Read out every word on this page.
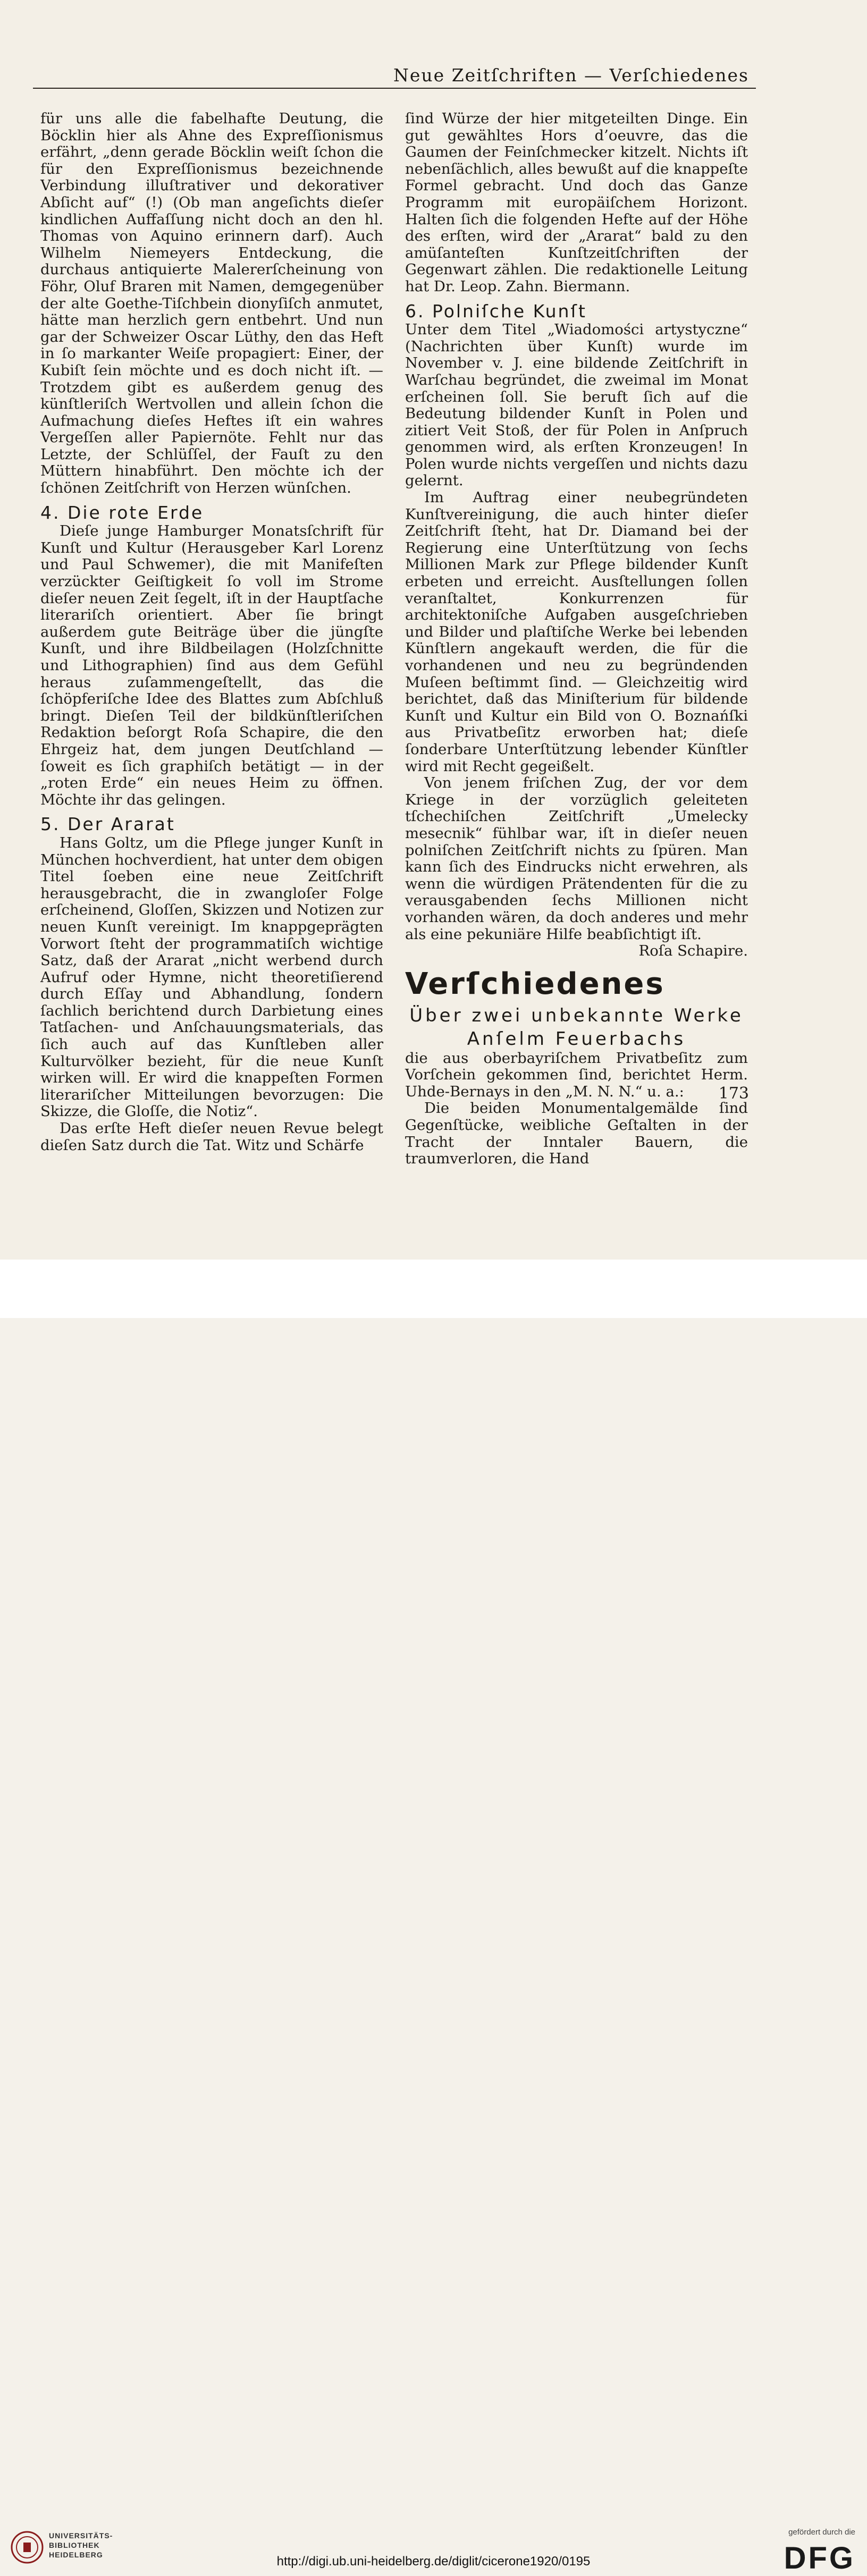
Neue Zeitſchriften — Verſchiedenes

für uns alle die fabelhafte Deutung, die Böcklin hier als Ahne des Expreſſionismus erfährt, „denn gerade Böcklin weiſt ſchon die für den Expreſſionismus bezeichnende Verbindung illuſtrativer und dekorativer Abſicht auf“ (!) (Ob man angeſichts dieſer kindlichen Auffaſſung nicht doch an den hl. Thomas von Aquino erinnern darf). Auch Wilhelm Niemeyers Entdeckung, die durchaus antiquierte Malererſcheinung von Föhr, Oluf Braren mit Namen, demgegenüber der alte Goethe-Tiſchbein dionyſiſch anmutet, hätte man herzlich gern entbehrt. Und nun gar der Schweizer Oscar Lüthy, den das Heft in ſo markanter Weiſe propagiert: Einer, der Kubiſt ſein möchte und es doch nicht iſt. — Trotzdem gibt es außerdem genug des künſtleriſch Wertvollen und allein ſchon die Aufmachung dieſes Heftes iſt ein wahres Vergeſſen aller Papiernöte. Fehlt nur das Letzte, der Schlüſſel, der Fauſt zu den Müttern hinabführt. Den möchte ich der ſchönen Zeitſchrift von Herzen wünſchen.

4. Die rote Erde

Dieſe junge Hamburger Monatsſchrift für Kunſt und Kultur (Herausgeber Karl Lorenz und Paul Schwemer), die mit Manifeſten verzückter Geiſtigkeit ſo voll im Strome dieſer neuen Zeit ſegelt, iſt in der Hauptſache literariſch orientiert. Aber ſie bringt außerdem gute Beiträge über die jüngſte Kunſt, und ihre Bildbeilagen (Holzſchnitte und Lithographien) ſind aus dem Gefühl heraus zuſammengeſtellt, das die ſchöpferiſche Idee des Blattes zum Abſchluß bringt. Dieſen Teil der bildkünſtleriſchen Redaktion beſorgt Roſa Schapire, die den Ehrgeiz hat, dem jungen Deutſchland — ſoweit es ſich graphiſch betätigt — in der „roten Erde“ ein neues Heim zu öffnen. Möchte ihr das gelingen.

5. Der Ararat

Hans Goltz, um die Pflege junger Kunſt in München hochverdient, hat unter dem obigen Titel ſoeben eine neue Zeitſchrift herausgebracht, die in zwangloſer Folge erſcheinend, Gloſſen, Skizzen und Notizen zur neuen Kunſt vereinigt. Im knappgeprägten Vorwort ſteht der programmatiſch wichtige Satz, daß der Ararat „nicht werbend durch Aufruf oder Hymne, nicht theoretiſierend durch Eſſay und Abhandlung, ſondern ſachlich berichtend durch Darbietung eines Tatſachen- und Anſchauungsmaterials, das ſich auch auf das Kunſtleben aller Kulturvölker bezieht, für die neue Kunſt wirken will. Er wird die knappeſten Formen literariſcher Mitteilungen bevorzugen: Die Skizze, die Gloſſe, die Notiz“.

Das erſte Heft dieſer neuen Revue belegt dieſen Satz durch die Tat. Witz und Schärfe

ſind Würze der hier mitgeteilten Dinge. Ein gut gewähltes Hors d’oeuvre, das die Gaumen der Feinſchmecker kitzelt. Nichts iſt nebenſächlich, alles bewußt auf die knappeſte Formel gebracht. Und doch das Ganze Programm mit europäiſchem Horizont. Halten ſich die folgenden Hefte auf der Höhe des erſten, wird der „Ararat“ bald zu den amüſanteſten Kunſtzeitſchriften der Gegenwart zählen. Die redaktionelle Leitung hat Dr. Leop. Zahn. Biermann.

6. Polniſche Kunſt

Unter dem Titel „Wiadomości artystyczne“ (Nachrichten über Kunſt) wurde im November v. J. eine bildende Zeitſchrift in Warſchau begründet, die zweimal im Monat erſcheinen ſoll. Sie beruft ſich auf die Bedeutung bildender Kunſt in Polen und zitiert Veit Stoß, der für Polen in Anſpruch genommen wird, als erſten Kronzeugen! In Polen wurde nichts vergeſſen und nichts dazu gelernt.

Im Auftrag einer neubegründeten Kunſtvereinigung, die auch hinter dieſer Zeitſchrift ſteht, hat Dr. Diamand bei der Regierung eine Unterſtützung von ſechs Millionen Mark zur Pflege bildender Kunſt erbeten und erreicht. Ausſtellungen ſollen veranſtaltet, Konkurrenzen für architektoniſche Aufgaben ausgeſchrieben und Bilder und plaſtiſche Werke bei lebenden Künſtlern angekauft werden, die für die vorhandenen und neu zu begründenden Muſeen beſtimmt ſind. — Gleichzeitig wird berichtet, daß das Miniſterium für bildende Kunſt und Kultur ein Bild von O. Boznańſki aus Privatbeſitz erworben hat; dieſe ſonderbare Unterſtützung lebender Künſtler wird mit Recht gegeißelt.

Von jenem friſchen Zug, der vor dem Kriege in der vorzüglich geleiteten tſchechiſchen Zeitſchrift „Umelecky mesecnik“ fühlbar war, iſt in dieſer neuen polniſchen Zeitſchrift nichts zu ſpüren. Man kann ſich des Eindrucks nicht erwehren, als wenn die würdigen Prätendenten für die zu verausgabenden ſechs Millionen nicht vorhanden wären, da doch anderes und mehr als eine pekuniäre Hilfe beabſichtigt iſt.

Roſa Schapire.

Verſchiedenes
Über zwei unbekannte Werke
Anſelm Feuerbachs

die aus oberbayriſchem Privatbeſitz zum Vorſchein gekommen ſind, berichtet Herm. Uhde-Bernays in den „M. N. N.“ u. a.:

Die beiden Monumentalgemälde ſind Gegenſtücke, weibliche Geſtalten in der Tracht der Inntaler Bauern, die traumverloren, die Hand

173
UNIVERSITÄTS-
BIBLIOTHEK
HEIDELBERG	http://digi.ub.uni-heidelberg.de/diglit/cicerone1920/0195
gefördert durch die
DFG
